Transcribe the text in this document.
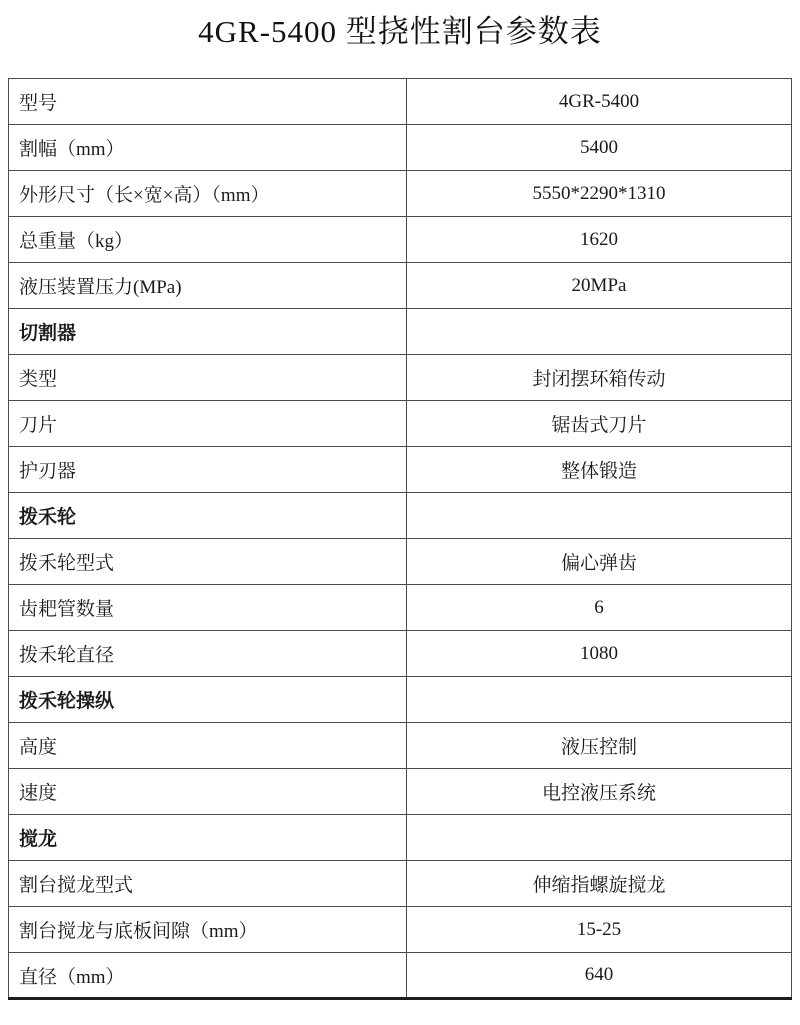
4GR-5400 型挠性割台参数表
型号	4GR-5400
割幅（mm）	5400
外形尺寸（长×宽×高）（mm）	5550*2290*1310
总重量（kg）	1620
液压装置压力(MPa)	20MPa
切割器	
类型	封闭摆环箱传动
刀片	锯齿式刀片
护刃器	整体锻造
拨禾轮	
拨禾轮型式	偏心弹齿
齿耙管数量	6
拨禾轮直径	1080
拨禾轮操纵	
高度	液压控制
速度	电控液压系统
搅龙	
割台搅龙型式	伸缩指螺旋搅龙
割台搅龙与底板间隙（mm）	15-25
直径（mm）	640
